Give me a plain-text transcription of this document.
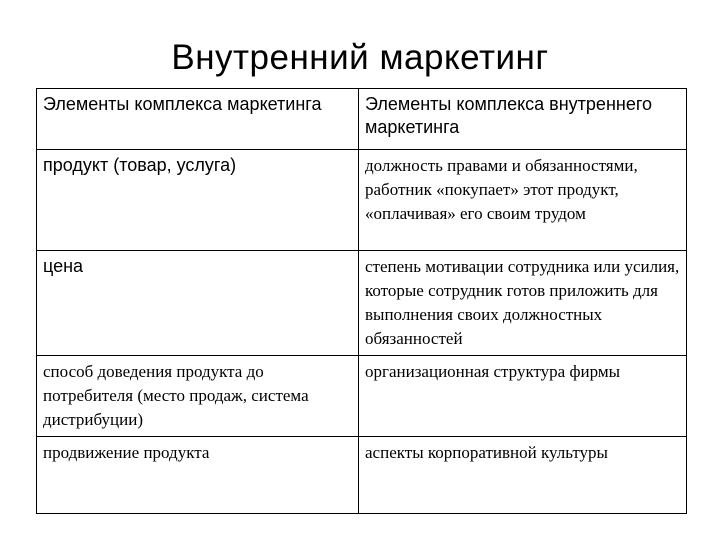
Внутренний маркетинг
Элементы комплекса маркетинга	Элементы комплекса внутреннего маркетинга
продукт (товар, услуга)	должность правами и обязанностями, работник «покупает» этот продукт, «оплачивая» его своим трудом
цена	степень мотивации сотрудника или усилия, которые сотрудник готов приложить для выполнения своих должностных обязанностей
способ доведения продукта до потребителя (место продаж, система дистрибуции)	организационная структура фирмы
продвижение продукта	аспекты корпоративной культуры
